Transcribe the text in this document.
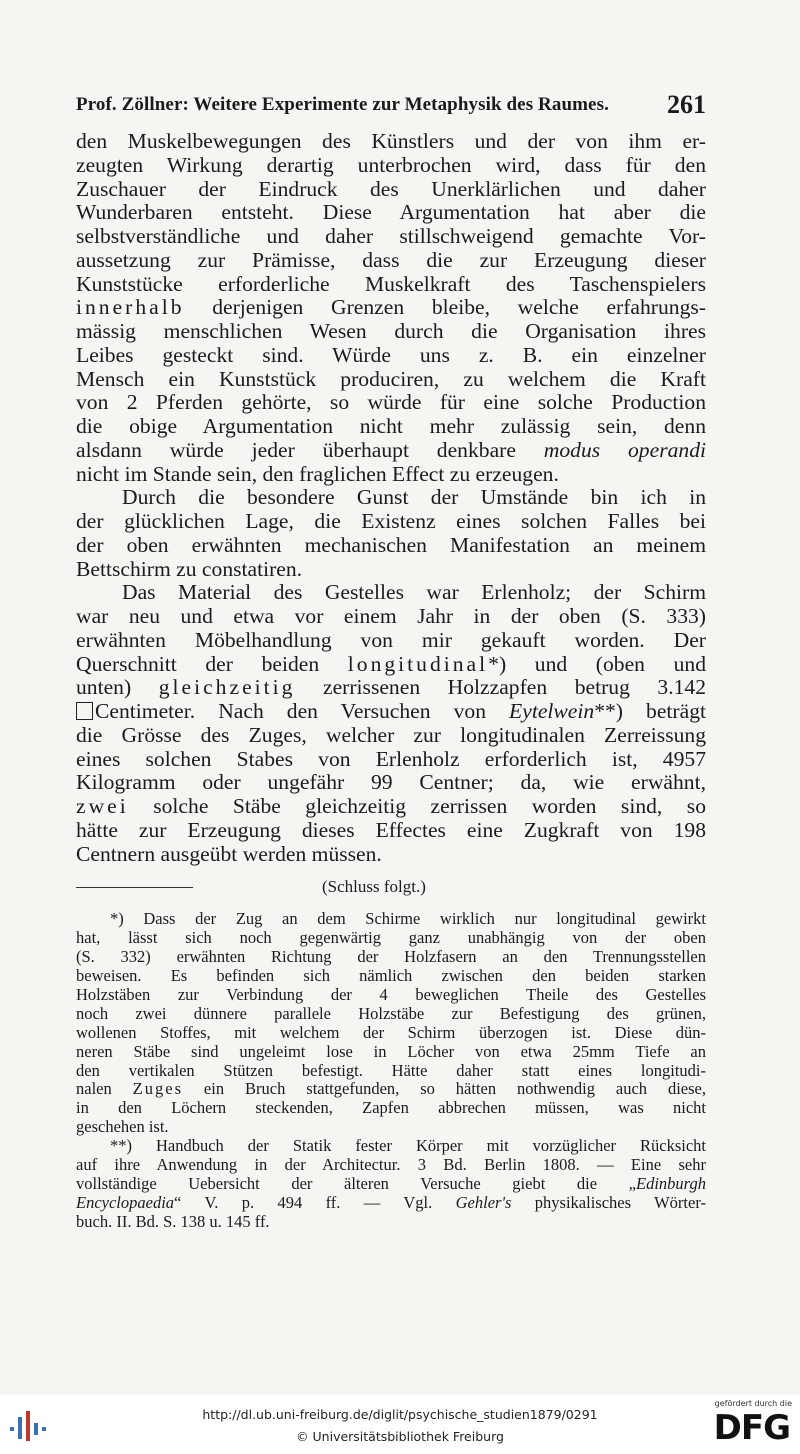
Prof. Zöllner: Weitere Experimente zur Metaphysik des Raumes. 261
den Muskelbewegungen des Künstlers und der von ihm er-
zeugten Wirkung derartig unterbrochen wird, dass für den
Zuschauer der Eindruck des Unerklärlichen und daher
Wunderbaren entsteht. Diese Argumentation hat aber die
selbstverständliche und daher stillschweigend gemachte Vor-
aussetzung zur Prämisse, dass die zur Erzeugung dieser
Kunststücke erforderliche Muskelkraft des Taschenspielers
innerhalb derjenigen Grenzen bleibe, welche erfahrungs-
mässig menschlichen Wesen durch die Organisation ihres
Leibes gesteckt sind. Würde uns z. B. ein einzelner
Mensch ein Kunststück produciren, zu welchem die Kraft
von 2 Pferden gehörte, so würde für eine solche Production
die obige Argumentation nicht mehr zulässig sein, denn
alsdann würde jeder überhaupt denkbare modus operandi
nicht im Stande sein, den fraglichen Effect zu erzeugen.
Durch die besondere Gunst der Umstände bin ich in
der glücklichen Lage, die Existenz eines solchen Falles bei
der oben erwähnten mechanischen Manifestation an meinem
Bettschirm zu constatiren.
Das Material des Gestelles war Erlenholz; der Schirm
war neu und etwa vor einem Jahr in der oben (S. 333)
erwähnten Möbelhandlung von mir gekauft worden. Der
Querschnitt der beiden longitudinal*) und (oben und
unten) gleichzeitig zerrissenen Holzzapfen betrug 3.142
Centimeter. Nach den Versuchen von Eytelwein**) beträgt
die Grösse des Zuges, welcher zur longitudinalen Zerreissung
eines solchen Stabes von Erlenholz erforderlich ist, 4957
Kilogramm oder ungefähr 99 Centner; da, wie erwähnt,
zwei solche Stäbe gleichzeitig zerrissen worden sind, so
hätte zur Erzeugung dieses Effectes eine Zugkraft von 198
Centnern ausgeübt werden müssen.
(Schluss folgt.)
*) Dass der Zug an dem Schirme wirklich nur longitudinal gewirkt
hat, lässt sich noch gegenwärtig ganz unabhängig von der oben
(S. 332) erwähnten Richtung der Holzfasern an den Trennungsstellen
beweisen. Es befinden sich nämlich zwischen den beiden starken
Holzstäben zur Verbindung der 4 beweglichen Theile des Gestelles
noch zwei dünnere parallele Holzstäbe zur Befestigung des grünen,
wollenen Stoffes, mit welchem der Schirm überzogen ist. Diese dün-
neren Stäbe sind ungeleimt lose in Löcher von etwa 25mm Tiefe an
den vertikalen Stützen befestigt. Hätte daher statt eines longitudi-
nalen Zuges ein Bruch stattgefunden, so hätten nothwendig auch diese,
in den Löchern steckenden, Zapfen abbrechen müssen, was nicht
geschehen ist.
**) Handbuch der Statik fester Körper mit vorzüglicher Rücksicht
auf ihre Anwendung in der Architectur. 3 Bd. Berlin 1808. — Eine sehr
vollständige Uebersicht der älteren Versuche giebt die „Edinburgh
Encyclopaedia“ V. p. 494 ff. — Vgl. Gehler's physikalisches Wörter-
buch. II. Bd. S. 138 u. 145 ff.
http://dl.ub.uni-freiburg.de/diglit/psychische_studien1879/0291
© Universitätsbibliothek Freiburg
gefördert durch die
DFG
